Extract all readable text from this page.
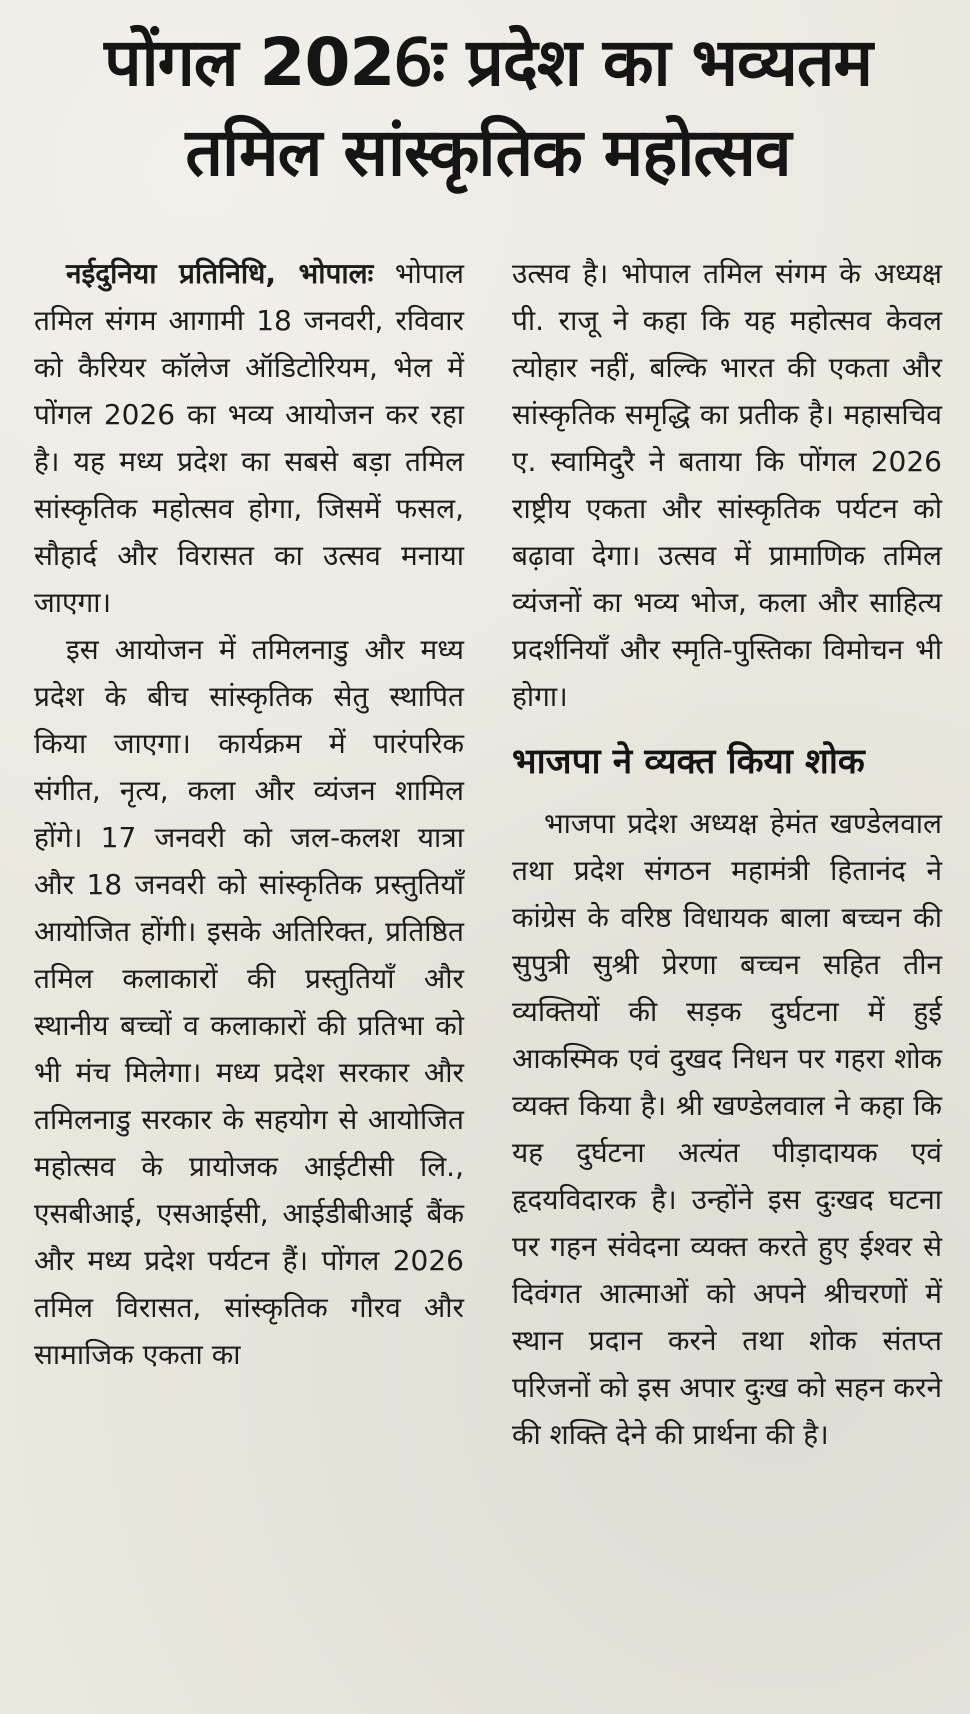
पोंगल 2026ः प्रदेश का भव्यतम
तमिल सांस्कृतिक महोत्सव

नईदुनिया प्रतिनिधि, भोपालः भोपाल तमिल संगम आगामी 18 जनवरी, रविवार को कैरियर कॉलेज ऑडिटोरियम, भेल में पोंगल 2026 का भव्य आयोजन कर रहा है। यह मध्य प्रदेश का सबसे बड़ा तमिल सांस्कृतिक महोत्सव होगा, जिसमें फसल, सौहार्द और विरासत का उत्सव मनाया जाएगा।

इस आयोजन में तमिलनाडु और मध्य प्रदेश के बीच सांस्कृतिक सेतु स्थापित किया जाएगा। कार्यक्रम में पारंपरिक संगीत, नृत्य, कला और व्यंजन शामिल होंगे। 17 जनवरी को जल-कलश यात्रा और 18 जनवरी को सांस्कृतिक प्रस्तुतियाँ आयोजित होंगी। इसके अतिरिक्त, प्रतिष्ठित तमिल कलाकारों की प्रस्तुतियाँ और स्थानीय बच्चों व कलाकारों की प्रतिभा को भी मंच मिलेगा। मध्य प्रदेश सरकार और तमिलनाडु सरकार के सहयोग से आयोजित महोत्सव के प्रायोजक आईटीसी लि., एसबीआई, एसआईसी, आईडीबीआई बैंक और मध्य प्रदेश पर्यटन हैं। पोंगल 2026 तमिल विरासत, सांस्कृतिक गौरव और सामाजिक एकता का

उत्सव है। भोपाल तमिल संगम के अध्यक्ष पी. राजू ने कहा कि यह महोत्सव केवल त्योहार नहीं, बल्कि भारत की एकता और सांस्कृतिक समृद्धि का प्रतीक है। महासचिव ए. स्वामिदुरै ने बताया कि पोंगल 2026 राष्ट्रीय एकता और सांस्कृतिक पर्यटन को बढ़ावा देगा। उत्सव में प्रामाणिक तमिल व्यंजनों का भव्य भोज, कला और साहित्य प्रदर्शनियाँ और स्मृति-पुस्तिका विमोचन भी होगा।

भाजपा ने व्यक्त किया शोक

भाजपा प्रदेश अध्यक्ष हेमंत खण्डेलवाल तथा प्रदेश संगठन महामंत्री हितानंद ने कांग्रेस के वरिष्ठ विधायक बाला बच्चन की सुपुत्री सुश्री प्रेरणा बच्चन सहित तीन व्यक्तियों की सड़क दुर्घटना में हुई आकस्मिक एवं दुखद निधन पर गहरा शोक व्यक्त किया है। श्री खण्डेलवाल ने कहा कि यह दुर्घटना अत्यंत पीड़ादायक एवं हृदयविदारक है। उन्होंने इस दुःखद घटना पर गहन संवेदना व्यक्त करते हुए ईश्वर से दिवंगत आत्माओं को अपने श्रीचरणों में स्थान प्रदान करने तथा शोक संतप्त परिजनों को इस अपार दुःख को सहन करने की शक्ति देने की प्रार्थना की है।
